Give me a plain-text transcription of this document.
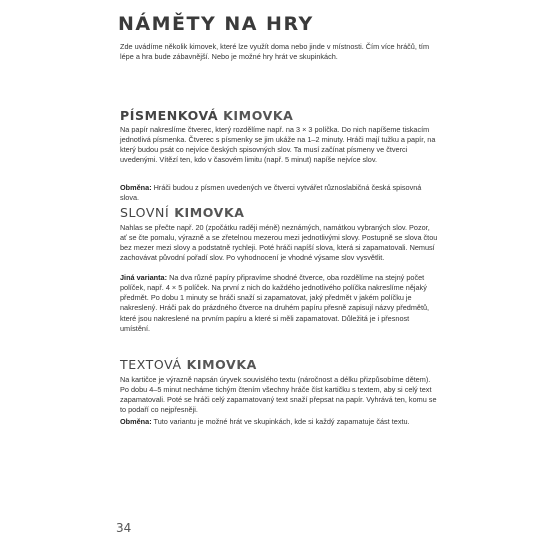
NÁMĚTY NA HRY

Zde uvádíme několik kimovek, které lze využít doma nebo jinde v místnosti. Čím více hráčů, tím lépe a hra bude zábavnější. Nebo je možné hry hrát ve skupinkách.

PÍSMENKOVÁ KIMOVKA

Na papír nakreslíme čtverec, který rozdělíme např. na 3 × 3 políčka. Do nich napíšeme tiskacím jednotlivá písmenka. Čtverec s písmenky se jim ukáže na 1–2 minuty. Hráči mají tužku a papír, na který budou psát co nejvíce českých spisovných slov. Ta musí začínat písmeny ve čtverci uvedenými. Vítězí ten, kdo v časovém limitu (např. 5 minut) napíše nejvíce slov.

Obměna: Hráči budou z písmen uvedených ve čtverci vytvářet různoslabičná česká spisovná slova.

SLOVNÍ KIMOVKA

Nahlas se přečte např. 20 (zpočátku raději méně) neznámých, namátkou vybraných slov. Pozor, ať se čte pomalu, výrazně a se zřetelnou mezerou mezi jednotlivými slovy. Postupně se slova čtou bez mezer mezi slovy a podstatně rychleji. Poté hráči napíší slova, která si zapamatovali. Nemusí zachovávat původní pořadí slov. Po vyhodnocení je vhodné výsame slov vysvětlit.

Jiná varianta: Na dva různé papíry připravíme shodné čtverce, oba rozdělíme na stejný počet políček, např. 4 × 5 políček. Na první z nich do každého jednotlivého políčka nakreslíme nějaký předmět. Po dobu 1 minuty se hráči snaží si zapamatovat, jaký předmět v jakém políčku je nakreslený. Hráči pak do prázdného čtverce na druhém papíru přesně zapisují názvy předmětů, které jsou nakreslené na prvním papíru a které si měli zapamatovat. Důležitá je i přesnost umístění.

TEXTOVÁ KIMOVKA

Na kartičce je výrazně napsán úryvek souvislého textu (náročnost a délku přizpůsobíme dětem). Po dobu 4–5 minut necháme tichým čtením všechny hráče číst kartičku s textem, aby si celý text zapamatovali. Poté se hráči celý zapamatovaný text snaží přepsat na papír. Vyhrává ten, komu se to podaří co nejpřesněji.

Obměna: Tuto variantu je možné hrát ve skupinkách, kde si každý zapamatuje část textu.

34
